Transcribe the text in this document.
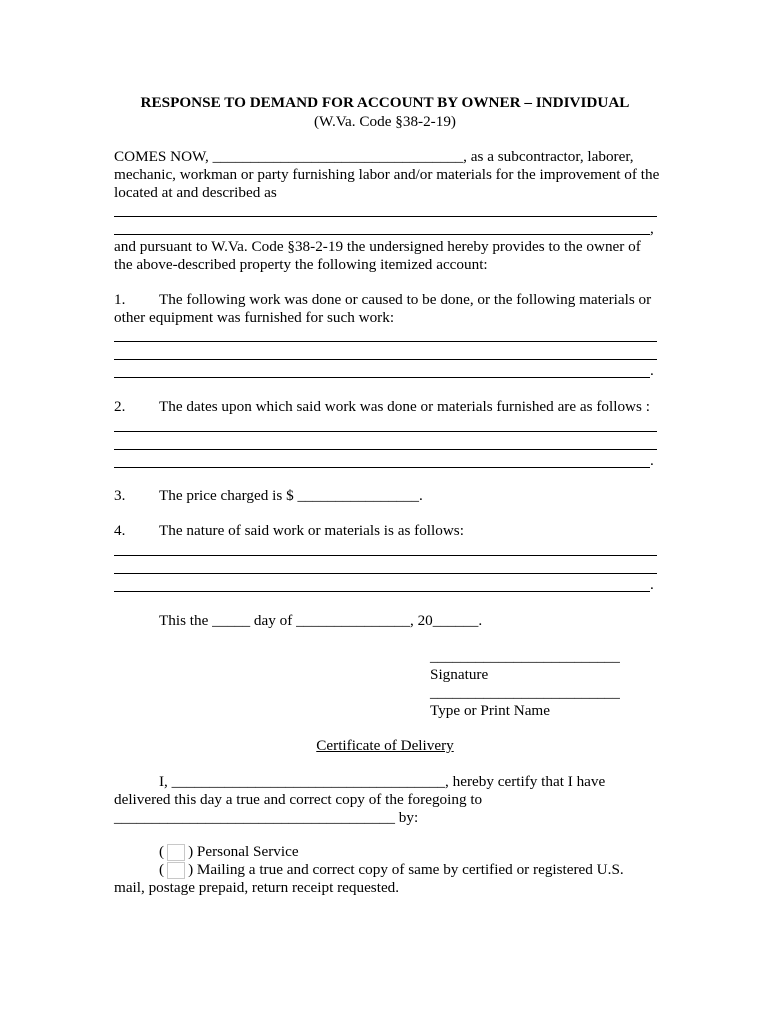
RESPONSE TO DEMAND FOR ACCOUNT BY OWNER – INDIVIDUAL
(W.Va. Code §38-2-19)
COMES NOW, _________________________________, as a subcontractor, laborer,
mechanic, workman or party furnishing labor and/or materials for the improvement of the
located at and described as
,
and pursuant to W.Va. Code §38-2-19 the undersigned hereby provides to the owner of
the above-described property the following itemized account:
1. The following work was done or caused to be done, or the following materials or
other equipment was furnished for such work:
.
2. The dates upon which said work was done or materials furnished are as follows :
.
3. The price charged is $ ________________.
4. The nature of said work or materials is as follows:
.
This the _____ day of _______________, 20______.
_________________________
Signature
_________________________
Type or Print Name
Certificate of Delivery
I, ____________________________________, hereby certify that I have
delivered this day a true and correct copy of the foregoing to
_____________________________________ by:
( ) Personal Service
( ) Mailing a true and correct copy of same by certified or registered U.S.
mail, postage prepaid, return receipt requested.
